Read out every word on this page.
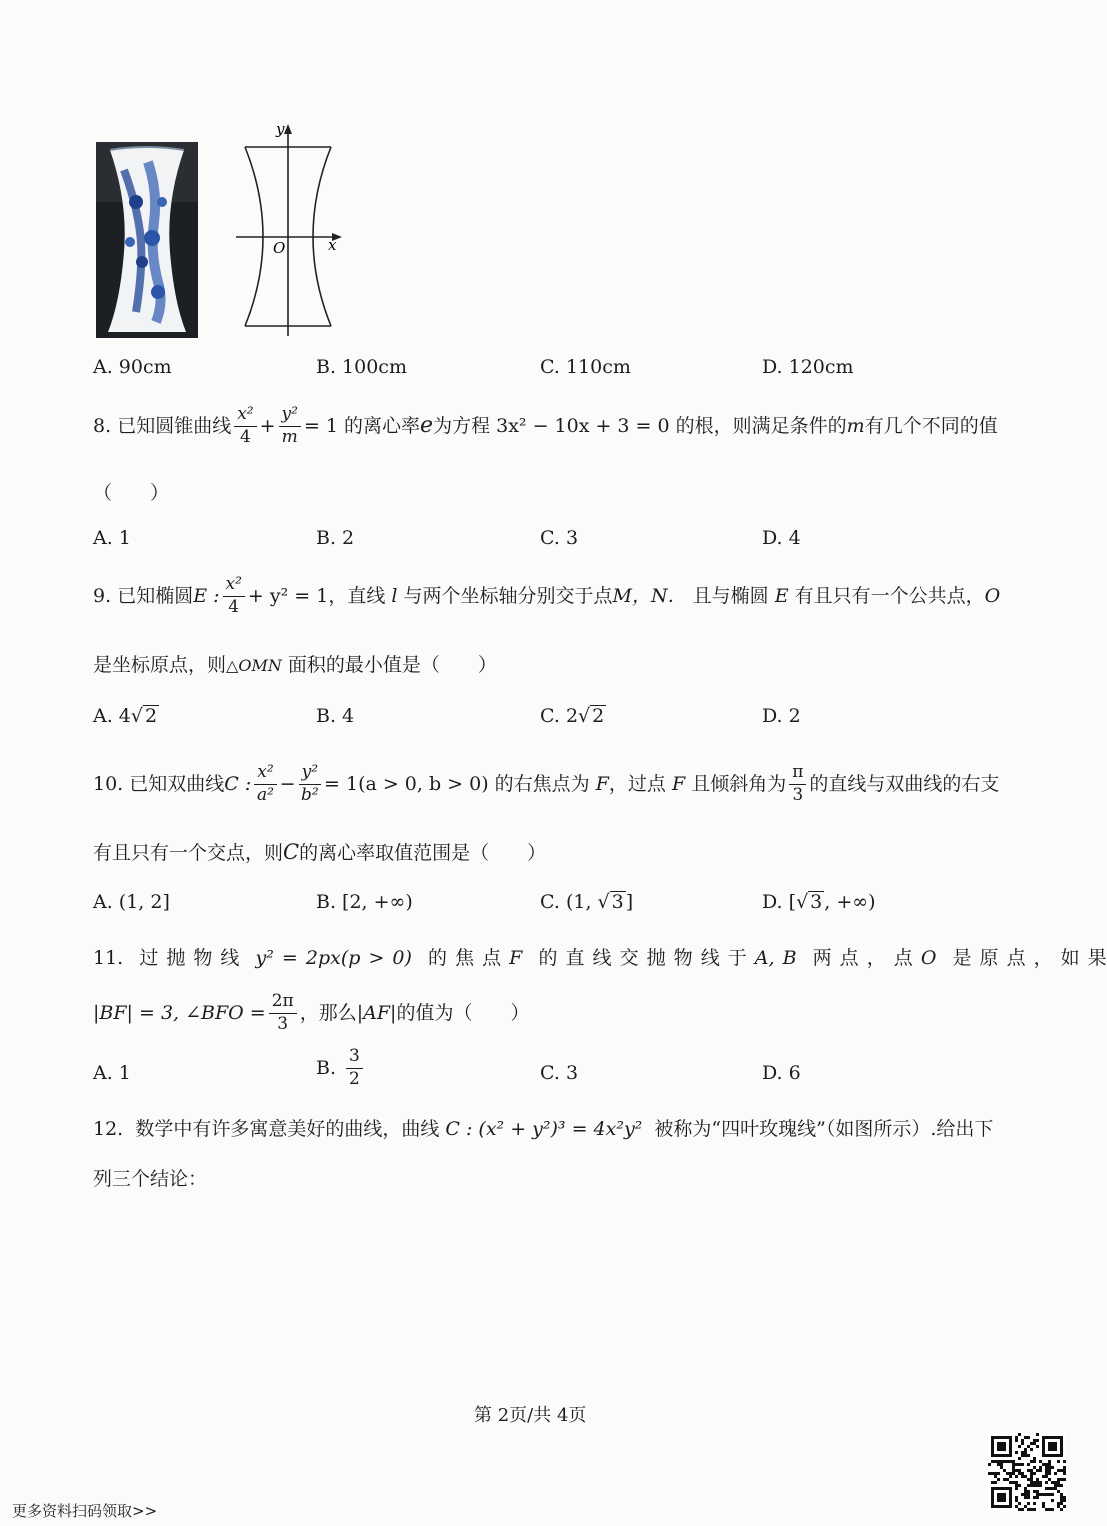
y
x
O
A. 90cm	B. 100cm	C. 110cm	D. 120cm
8.
已知圆锥曲线 $\frac{\text{x²}}{4} + \frac{\text{y²}}{m} = 1$ 的离心率 e 为方程 3x² − 10x + 3 = 0 的根，则满足条件的 m 有几个不同的值
（　　）
A. 1	B. 2	C. 3	D. 4
9.
已知椭圆 E : $\frac{\text{x²}}{4} + y^2 = 1$，直线
l
与两个坐标轴分别交于点 M，N．
且与椭圆
E
有且只有一个公共点， O
是坐标原点，则△OMN 面积的最小值是（　　）
A. 4√ 2	B. 4	C. 2√ 2	D. 2
10.
已知双曲线 C : $\frac{\text{x²}}{\text{a²}} - \frac{\text{y²}}{\text{b²}} = 1(a > 0$, b > 0) 的右焦点为
F ，过点
F
且倾斜角为 $\frac{\pi}{3}$ 的直线与双曲线的右支
有且只有一个交点，则C的离心率取值范围是（　　）
A. (1, 2]	B. [2, +∞)	C. (1, √ 3 ]	D. [√ 3 , +∞)
11. 过 抛 物 线 y² = 2px(p > 0) 的 焦 点 F 的 直 线 交 抛 物 线 于 A, B 两 点 ， 点 O 是 原 点 ， 如 果
|BF| = 3, ∠BFO = $\frac{2\pi}{3}$ ，那么 |AF| 的值为（　　）
A. 1	B. $\frac{3}{2}$	C. 3	D. 6
12. 数学中有许多寓意美好的曲线，曲线 C : (x² + y²)³ = 4x²y² 被称为“四叶玫瑰线”（如图所示）.给出下
列三个结论：
第 2页/共 4页
更多资料扫码领取>>
